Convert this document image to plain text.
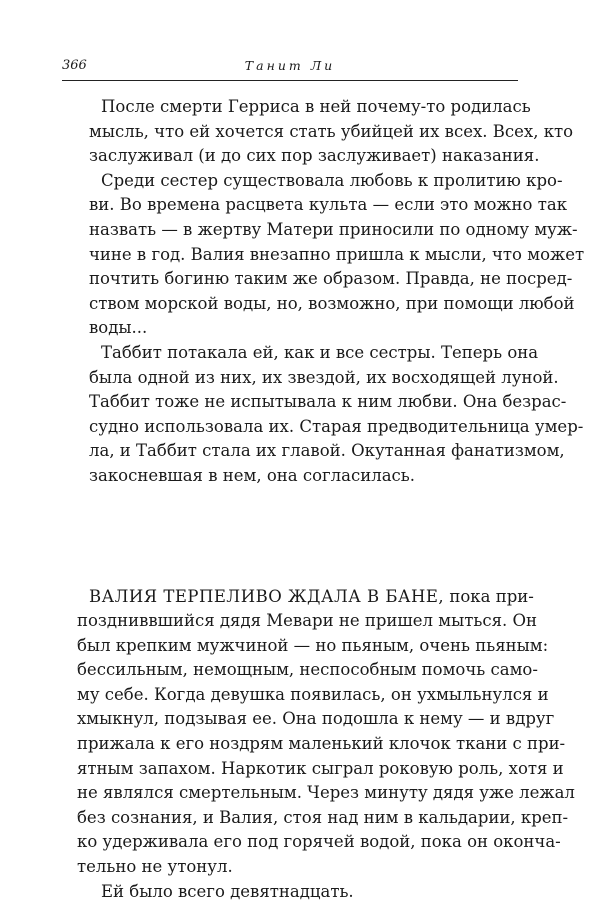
366	Танит Ли
После смерти Герриса в ней почему-то родилась
мысль, что ей хочется стать убийцей их всех. Всех, кто
заслуживал (и до сих пор заслуживает) наказания.
Среди сестер существовала любовь к пролитию кро-
ви. Во времена расцвета культа — если это можно так
назвать — в жертву Матери приносили по одному муж-
чине в год. Валия внезапно пришла к мысли, что может
почтить богиню таким же образом. Правда, не посред-
ством морской воды, но, возможно, при помощи любой
воды...
Таббит потакала ей, как и все сестры. Теперь она
была одной из них, их звездой, их восходящей луной.
Таббит тоже не испытывала к ним любви. Она безрас-
судно использовала их. Старая предводительница умер-
ла, и Таббит стала их главой. Окутанная фанатизмом,
закосневшая в нем, она согласилась.
ВАЛИЯ ТЕРПЕЛИВО ЖДАЛА В БАНЕ, пока при-
поздниввшийся дядя Мевари не пришел мыться. Он
был крепким мужчиной — но пьяным, очень пьяным:
бессильным, немощным, неспособным помочь само-
му себе. Когда девушка появилась, он ухмыльнулся и
хмыкнул, подзывая ее. Она подошла к нему — и вдруг
прижала к его ноздрям маленький клочок ткани с при-
ятным запахом. Наркотик сыграл роковую роль, хотя и
не являлся смертельным. Через минуту дядя уже лежал
без сознания, и Валия, стоя над ним в кальдарии, креп-
ко удерживала его под горячей водой, пока он оконча-
тельно не утонул.
Ей было всего девятнадцать.
